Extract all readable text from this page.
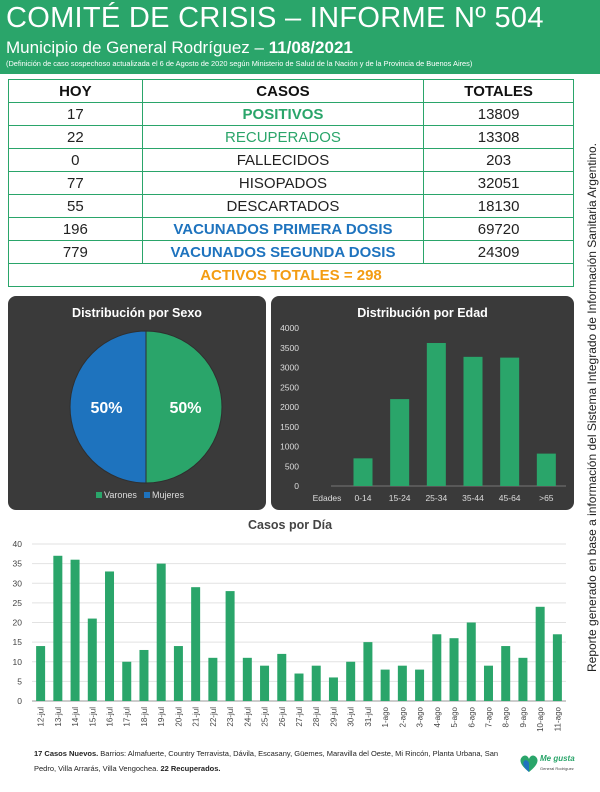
COMITÉ DE CRISIS – INFORME Nº 504
Municipio de General Rodríguez – 11/08/2021
(Definición de caso sospechoso actualizada el 6 de Agosto de 2020 según Ministerio de Salud de la Nación y de la Provincia de Buenos Aires)
HOY	CASOS	TOTALES
17	POSITIVOS	13809
22	RECUPERADOS	13308
0	FALLECIDOS	203
77	HISOPADOS	32051
55	DESCARTADOS	18130
196	VACUNADOS PRIMERA DOSIS	69720
779	VACUNADOS SEGUNDA DOSIS	24309
ACTIVOS TOTALES = 298		
Distribución por Sexo
50%
50%
Varones Mujeres
Distribución por Edad
0
500
1000
1500
2000
2500
3000
3500
4000
Edades 0-14 15-24 25-34 35-44 45-64 >65	Reporte generado en base a información del Sistema Integrado de Información Sanitaria Argentino.
Casos por Día
0
5
10
15
20
25
30
35
40
12-jul 13-jul 14-jul 15-jul 16-jul 17-jul 18-jul 19-jul 20-jul 21-jul 22-jul 23-jul 24-jul 25-jul 26-jul 27-jul 28-jul 29-jul 30-jul 31-jul 1-ago 2-ago 3-ago 4-ago 5-ago 6-ago 7-ago 8-ago 9-ago 10-ago 11-ago
17 Casos Nuevos. Barrios: Almafuerte, Country Terravista, Dávila, Escasany, Güemes, Maravilla del Oeste, Mi Rincón, Planta Urbana, San Pedro, Villa Arrarás, Villa Vengochea. 22 Recuperados.
Me gusta
General Rodríguez
